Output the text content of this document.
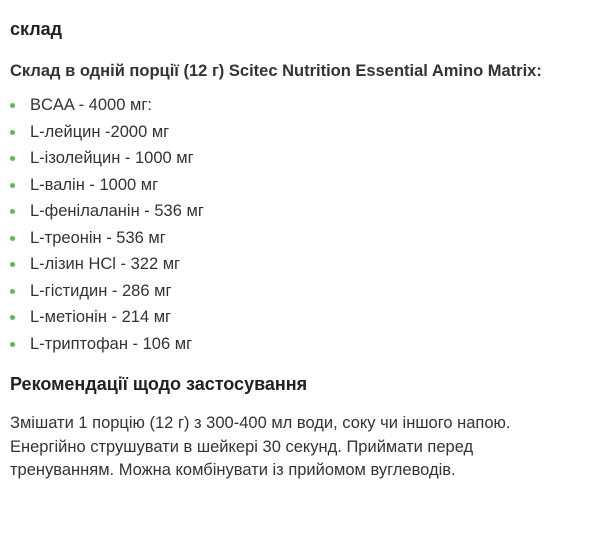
склад
Склад в одній порції (12 г) Scitec Nutrition Essential Amino Matrix:
BCAA - 4000 мг:
L-лейцин -2000 мг
L-ізолейцин - 1000 мг
L-валін - 1000 мг
L-фенілаланін - 536 мг
L-треонін - 536 мг
L-лізин HCl - 322 мг
L-гістидин - 286 мг
L-метіонін - 214 мг
L-триптофан - 106 мг
Рекомендації щодо застосування

Змішати 1 порцію (12 г) з 300-400 мл води, соку чи іншого напою. Енергійно струшувати в шейкері 30 секунд. Приймати перед тренуванням. Можна комбінувати із прийомом вуглеводів.
